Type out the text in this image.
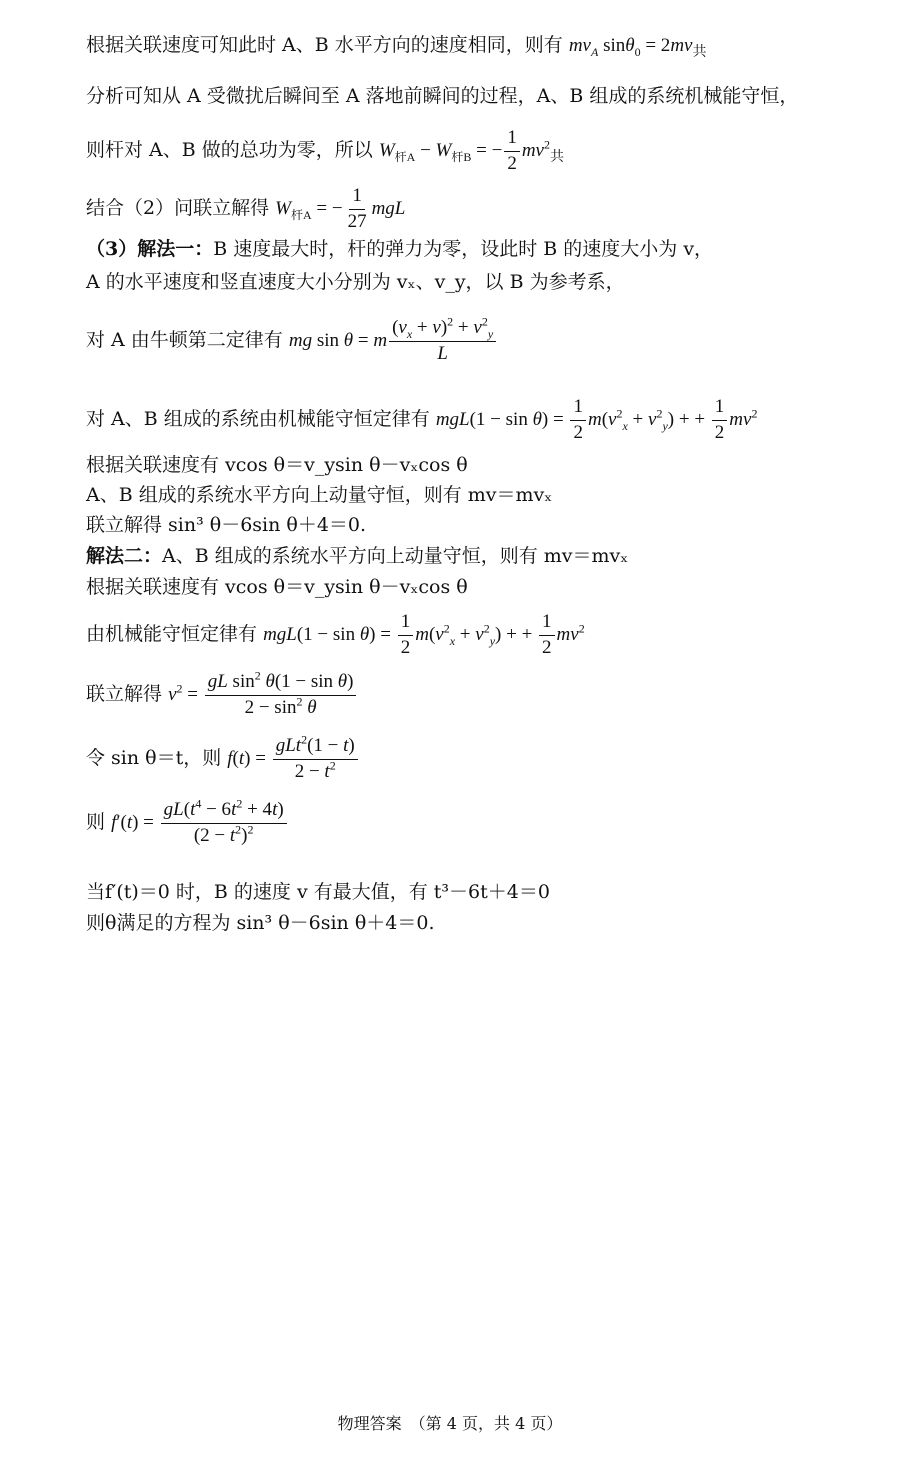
根据关联速度可知此时 A、B 水平方向的速度相同，则有 $mv_A$ $\sin\theta_0 = 2mv_共$
分析可知从 A 受微扰后瞬间至 A 落地前瞬间的过程，A、B 组成的系统机械能守恒，
则杆对 A、B 做的总功为零，所以 $W_{杆A} - W_{杆B}$ = − $\frac{1}{2} mv^2_共$
结合（2）问联立解得 $W_{杆A}$ = − $\frac{1}{27}$ mgL
（3）解法一：B 速度最大时，杆的弹力为零，设此时 B 的速度大小为 v，
A 的水平速度和竖直速度大小分别为 vₓ、v_y，以 B 为参考系，
对 A 由牛顿第二定律有 mg sin θ = m $\frac{(v_x + v)^2 + v^2_y}{L}$
对 A、B 组成的系统由机械能守恒定律有 $mgL(1 - \sin \theta) = \frac{1}{2} m(v^2_x + v^2_y)$ + + $\frac{1}{2} mv^2$
根据关联速度有 vcos θ＝v_ysin θ－vₓcos θ
A、B 组成的系统水平方向上动量守恒，则有 mv＝mvₓ
联立解得 sin³ θ－6sin θ＋4＝0.
解法二：A、B 组成的系统水平方向上动量守恒，则有 mv＝mvₓ
根据关联速度有 vcos θ＝v_ysin θ－vₓcos θ
由机械能守恒定律有 $mgL(1 - \sin \theta) = \frac{1}{2} m(v^2_x + v^2_y)$ + + $\frac{1}{2} mv^2$
联立解得 $v^2 = \frac{gL \sin^2 \theta(1 - \sin \theta)}{2 - \sin^2 \theta}$
令 sin θ＝t，则 $f(t) = \frac{gLt^2(1 - t)}{2 - t^2}$
则 $f'(t) = \frac{gL(t^4 - 6t^2 + 4t)}{(2 - t^2)^2}$
当f′(t)＝0 时，B 的速度 v 有最大值，有 t³－6t＋4＝0
则θ满足的方程为 sin³ θ－6sin θ＋4＝0.
物理答案　（第 4 页，共 4 页）
